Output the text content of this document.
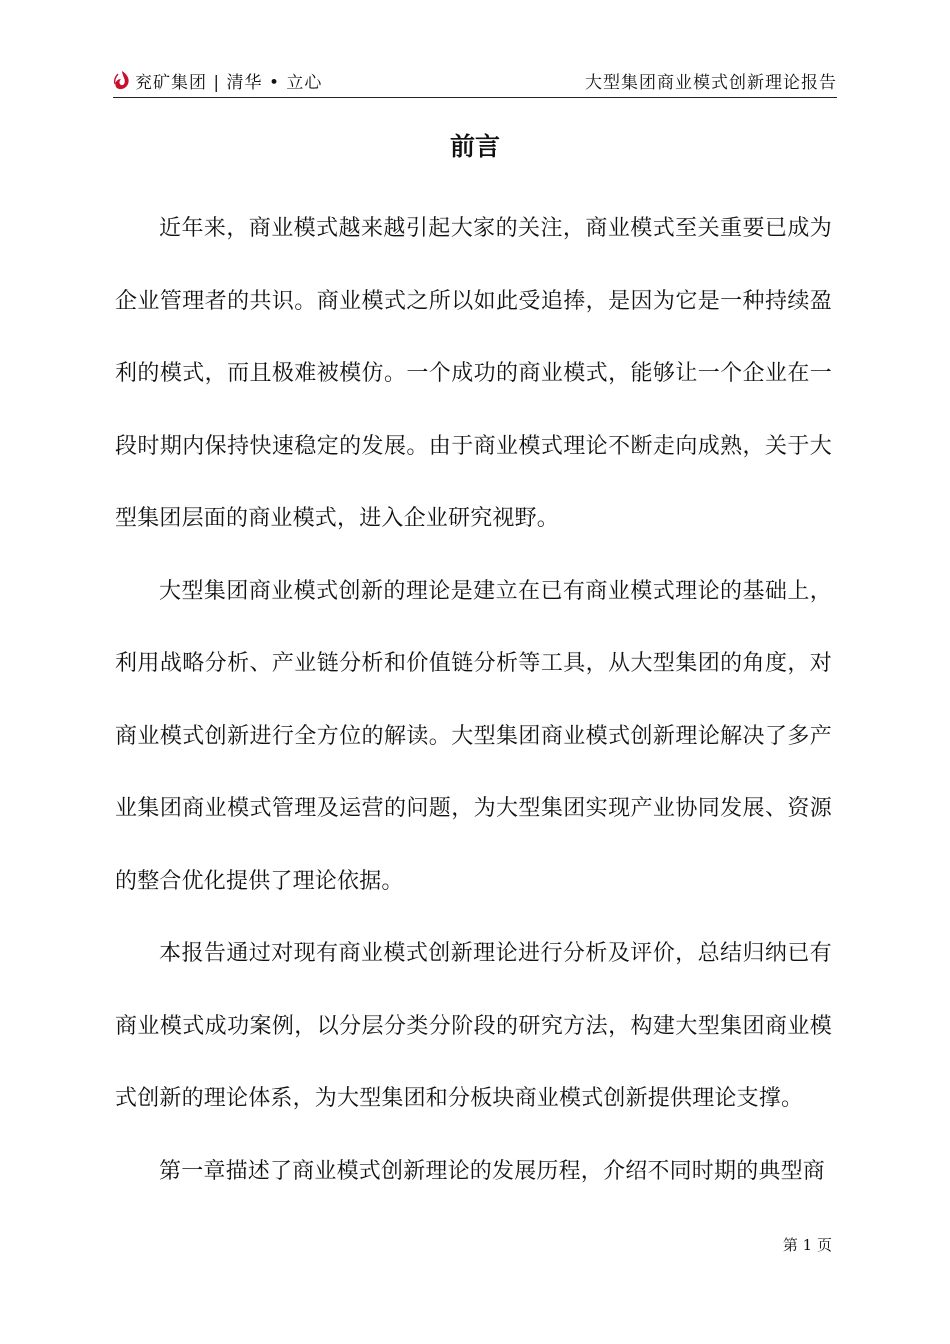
兖矿集团 | 清华 • 立心	大型集团商业模式创新理论报告
前言

近年来，商业模式越来越引起大家的关注，商业模式至关重要已成为企业管理者的共识。商业模式之所以如此受追捧，是因为它是一种持续盈利的模式，而且极难被模仿。一个成功的商业模式，能够让一个企业在一段时期内保持快速稳定的发展。由于商业模式理论不断走向成熟，关于大型集团层面的商业模式，进入企业研究视野。

大型集团商业模式创新的理论是建立在已有商业模式理论的基础上，利用战略分析、产业链分析和价值链分析等工具，从大型集团的角度，对商业模式创新进行全方位的解读。大型集团商业模式创新理论解决了多产业集团商业模式管理及运营的问题，为大型集团实现产业协同发展、资源的整合优化提供了理论依据。

本报告通过对现有商业模式创新理论进行分析及评价，总结归纳已有商业模式成功案例，以分层分类分阶段的研究方法，构建大型集团商业模式创新的理论体系，为大型集团和分板块商业模式创新提供理论支撑。

第一章描述了商业模式创新理论的发展历程，介绍不同时期的典型商

第 1 页
